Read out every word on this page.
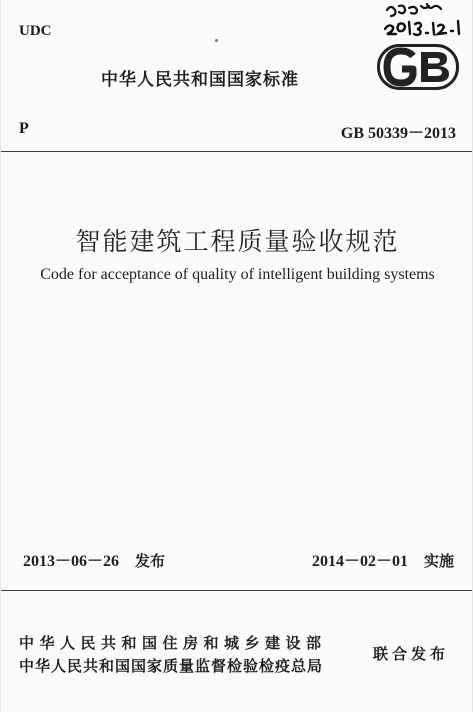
UDC
中华人民共和国国家标准
P	GB 50339－2013
智能建筑工程质量验收规范
Code for acceptance of quality of intelligent building systems
2013－06－26 发布	2014－02－01 实施
中华人民共和国住房和城乡建设部
中华人民共和国国家质量监督检验检疫总局
联合发布
